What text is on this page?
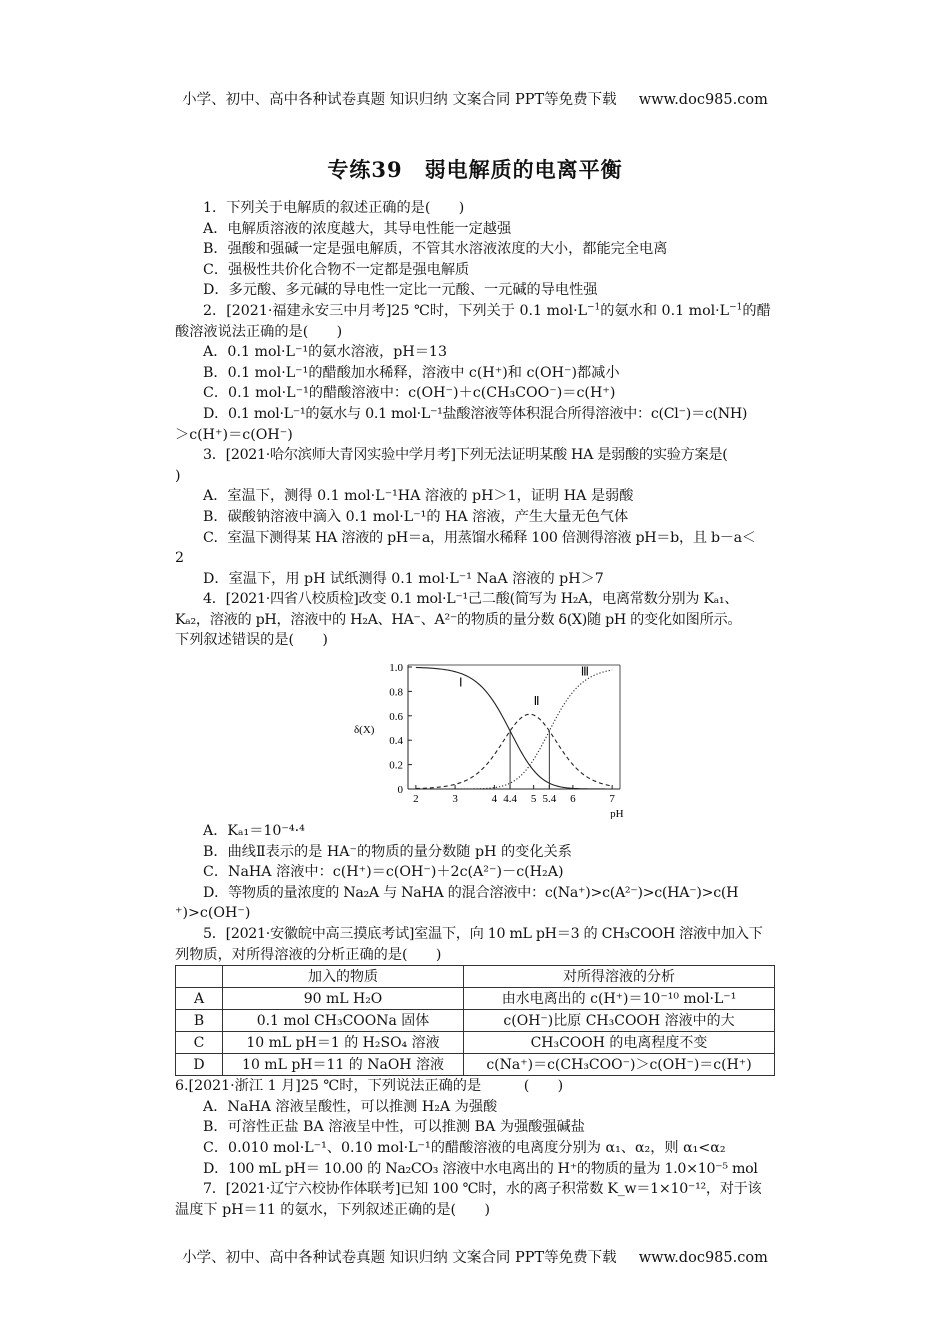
小学、初中、高中各种试卷真题 知识归纳 文案合同 PPT等免费下载 www.doc985.com
专练39　弱电解质的电离平衡

1．下列关于电解质的叙述正确的是(　　)

A．电解质溶液的浓度越大，其导电性能一定越强

B．强酸和强碱一定是强电解质，不管其水溶液浓度的大小，都能完全电离

C．强极性共价化合物不一定都是强电解质

D．多元酸、多元碱的导电性一定比一元酸、一元碱的导电性强

2．[2021·福建永安三中月考]25 ℃时，下列关于 0.1 $mol\cdot L^{-1}$的氨水和 0.1 $mol\cdot L^{-1}$的醋

酸溶液说法正确的是(　　)

A．0.1 mol·L⁻¹的氨水溶液，pH＝13

B．0.1 mol·L⁻¹的醋酸加水稀释，溶液中 c(H⁺)和 c(OH⁻)都减小

C．0.1 mol·L⁻¹的醋酸溶液中：c(OH⁻)＋c(CH₃COO⁻)＝c(H⁺)

D．0.1 mol·L⁻¹的氨水与 0.1 mol·L⁻¹盐酸溶液等体积混合所得溶液中：c(Cl⁻)＝c(NH)

＞c(H⁺)＝c(OH⁻)

3．[2021·哈尔滨师大青冈实验中学月考]下列无法证明某酸 HA 是弱酸的实验方案是(

)

A．室温下，测得 0.1 mol·L⁻¹HA 溶液的 pH＞1，证明 HA 是弱酸

B．碳酸钠溶液中滴入 0.1 mol·L⁻¹的 HA 溶液，产生大量无色气体

C．室温下测得某 HA 溶液的 pH＝a，用蒸馏水稀释 100 倍测得溶液 pH＝b，且 b－a＜

2

D．室温下，用 pH 试纸测得 0.1 mol·L⁻¹ NaA 溶液的 pH＞7

4．[2021·四省八校质检]改变 0.1 mol·L⁻¹己二酸(简写为 H₂A，电离常数分别为 Kₐ₁、

Kₐ₂，溶液的 pH，溶液中的 H₂A、HA⁻、A²⁻的物质的量分数 δ(X)随 pH 的变化如图所示。

下列叙述错误的是(　　)

0
0.2
0.4
0.6
0.8
1.0
2	3	4 4.4 5 5.4 6	7
δ(X)
pH
Ⅰ
Ⅱ
Ⅲ

A．Kₐ₁＝10⁻⁴·⁴

B．曲线Ⅱ表示的是 HA⁻的物质的量分数随 pH 的变化关系

C．NaHA 溶液中：c(H⁺)＝c(OH⁻)＋2c(A²⁻)－c(H₂A)

D．等物质的量浓度的 Na₂A 与 NaHA 的混合溶液中：c(Na⁺)>c(A²⁻)>c(HA⁻)>c(H

⁺)>c(OH⁻)

5．[2021·安徽皖中高三摸底考试]室温下，向 10 mL pH＝3 的 CH₃COOH 溶液中加入下

列物质，对所得溶液的分析正确的是(　　)

	加入的物质	对所得溶液的分析
A	90 mL H₂O	由水电离出的 c(H⁺)＝10⁻¹⁰ mol·L⁻¹
B	0.1 mol CH₃COONa 固体	c(OH⁻)比原 CH₃COOH 溶液中的大
C	10 mL pH＝1 的 H₂SO₄ 溶液	CH₃COOH 的电离程度不变
D	10 mL pH＝11 的 NaOH 溶液	c(Na⁺)＝c(CH₃COO⁻)＞c(OH⁻)＝c(H⁺)

6.[2021·浙江 1 月]25 ℃时，下列说法正确的是　　　(　　)

A．NaHA 溶液呈酸性，可以推测 H₂A 为强酸

B．可溶性正盐 BA 溶液呈中性，可以推测 BA 为强酸强碱盐

C．0.010 mol·L⁻¹、0.10 mol·L⁻¹的醋酸溶液的电离度分别为 α₁、α₂，则 α₁<α₂

D．100 mL pH＝ 10.00 的 Na₂CO₃ 溶液中水电离出的 H⁺的物质的量为 1.0×10⁻⁵ mol

7．[2021·辽宁六校协作体联考]已知 100 ℃时，水的离子积常数 K_w＝1×10⁻¹²，对于该

温度下 pH＝11 的氨水，下列叙述正确的是(　　)

小学、初中、高中各种试卷真题 知识归纳 文案合同 PPT等免费下载 www.doc985.com
